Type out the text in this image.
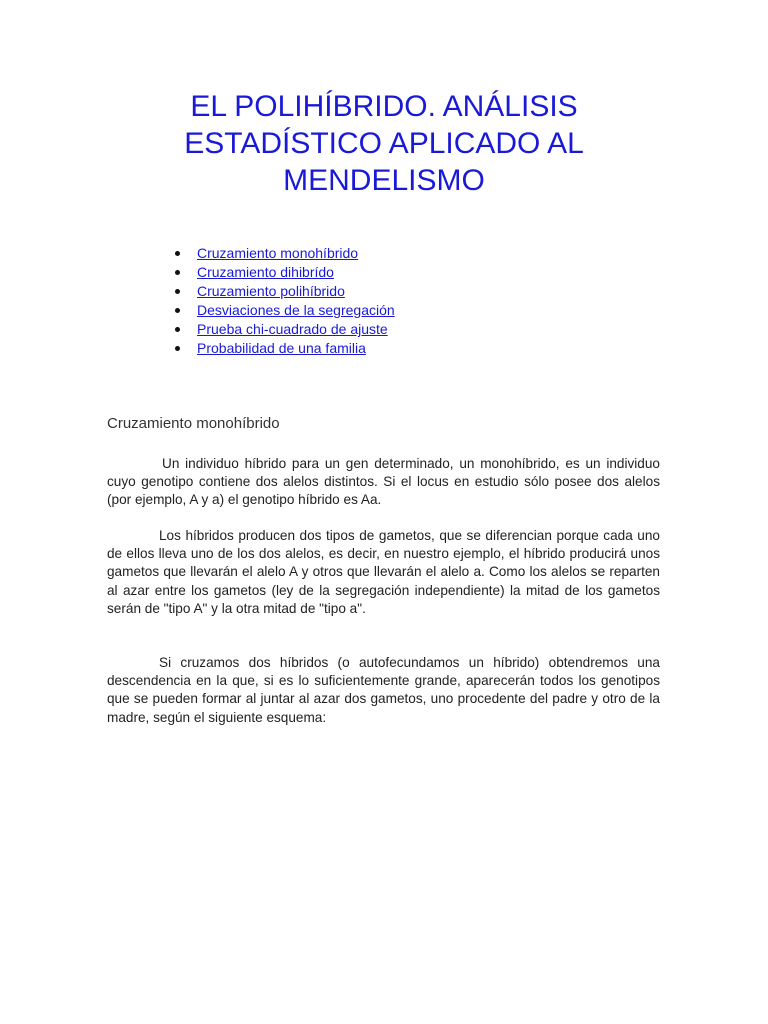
EL POLIHÍBRIDO. ANÁLISIS ESTADÍSTICO APLICADO AL MENDELISMO
Cruzamiento monohíbrido
Cruzamiento dihibrído
Cruzamiento polihíbrido
Desviaciones de la segregación
Prueba chi-cuadrado de ajuste
Probabilidad de una familia
Cruzamiento monohíbrido

Un individuo híbrido para un gen determinado, un monohíbrido, es un individuo cuyo genotipo contiene dos alelos distintos. Si el locus en estudio sólo posee dos alelos (por ejemplo, A y a) el genotipo híbrido es Aa.

Los híbridos producen dos tipos de gametos, que se diferencian porque cada uno de ellos lleva uno de los dos alelos, es decir, en nuestro ejemplo, el híbrido producirá unos gametos que llevarán el alelo A y otros que llevarán el alelo a. Como los alelos se reparten al azar entre los gametos (ley de la segregación independiente) la mitad de los gametos serán de "tipo A" y la otra mitad de "tipo a".

Si cruzamos dos híbridos (o autofecundamos un híbrido) obtendremos una descendencia en la que, si es lo suficientemente grande, aparecerán todos los genotipos que se pueden formar al juntar al azar dos gametos, uno procedente del padre y otro de la madre, según el siguiente esquema:
